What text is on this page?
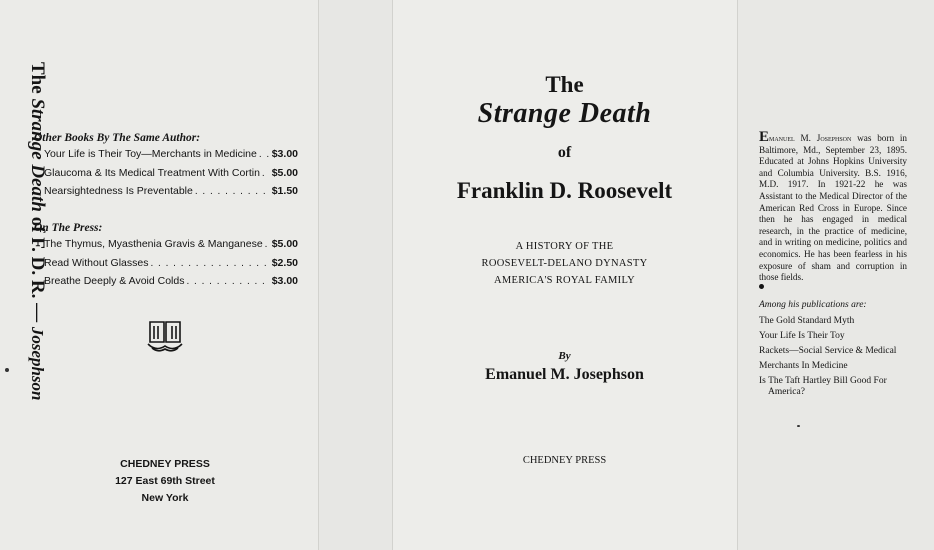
Other Books By The Same Author:
Your Life is Their Toy—Merchants in Medicine . . . $3.00
Glaucoma & Its Medical Treatment With Cortin . . . $5.00
Nearsightedness Is Preventable . . .	$1.50
On The Press:
The Thymus, Myasthenia Gravis & Manganese . . . $5.00
Read Without Glasses . . .	$2.50
Breathe Deeply & Avoid Colds . . .	$3.00
CHEDNEY PRESS
127 East 69th Street
New York
The Strange Death of F. D. R. — Josephson
The
Strange Death
of
Franklin D. Roosevelt
A HISTORY OF THE
ROOSEVELT-DELANO DYNASTY
AMERICA'S ROYAL FAMILY
By
Emanuel M. Josephson
CHEDNEY PRESS
Emanuel M. Josephson was born in Baltimore, Md., September 23, 1895. Educated at Johns Hopkins University and Columbia University. B.S. 1916, M.D. 1917. In 1921-22 he was Assistant to the Medical Director of the American Red Cross in Europe. Since then he has engaged in medical research, in the practice of medicine, and in writing on medicine, politics and economics. He has been fearless in his exposure of sham and corruption in those fields.
Among his publications are:
The Gold Standard Myth
Your Life Is Their Toy
Rackets—Social Service & Medical
Merchants In Medicine
Is The Taft Hartley Bill Good For
America?
